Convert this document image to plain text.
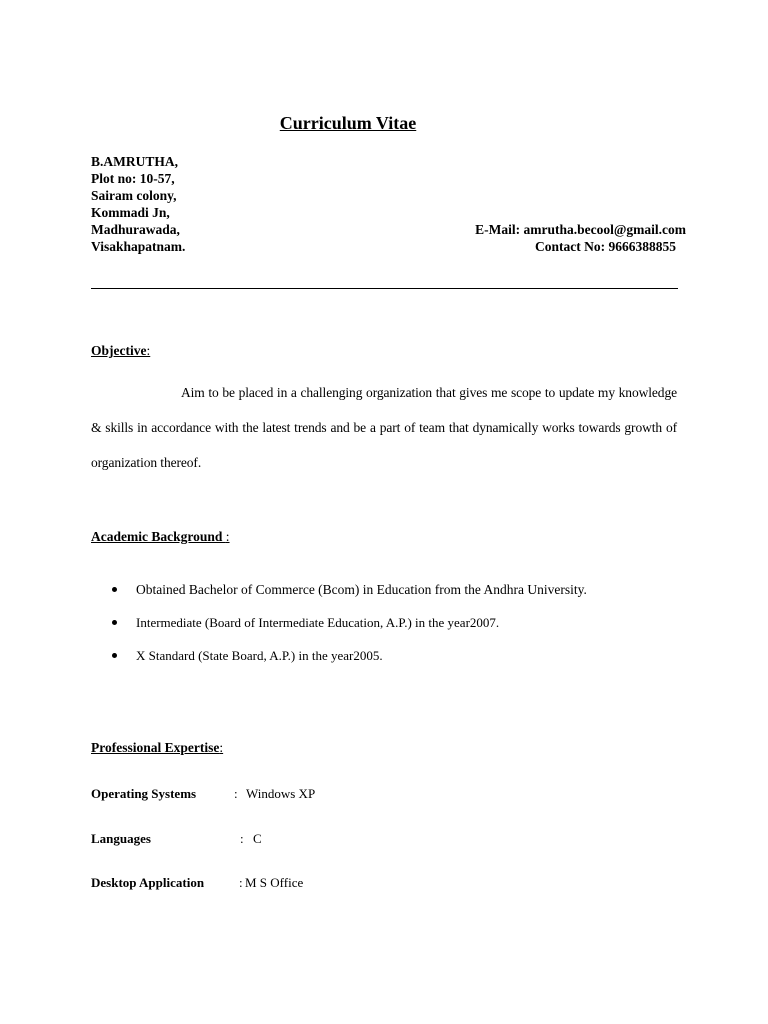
Curriculum Vitae
B.AMRUTHA,
Plot no: 10-57,
Sairam colony,
Kommadi Jn,
Madhurawada,
Visakhapatnam.
E-Mail: amrutha.becool@gmail.com
Contact No: 9666388855
Objective:
Aim to be placed in a challenging organization that gives me scope to update my knowledge & skills in accordance with the latest trends and be a part of team that dynamically works towards growth of organization thereof.
Academic Background :
Obtained Bachelor of Commerce (Bcom) in Education from the Andhra University.
Intermediate (Board of Intermediate Education, A.P.) in the year2007.
X Standard (State Board, A.P.) in the year2005.
Professional Expertise:
Operating Systems	: Windows XP
Languages	: C
Desktop Application	: M S Office
